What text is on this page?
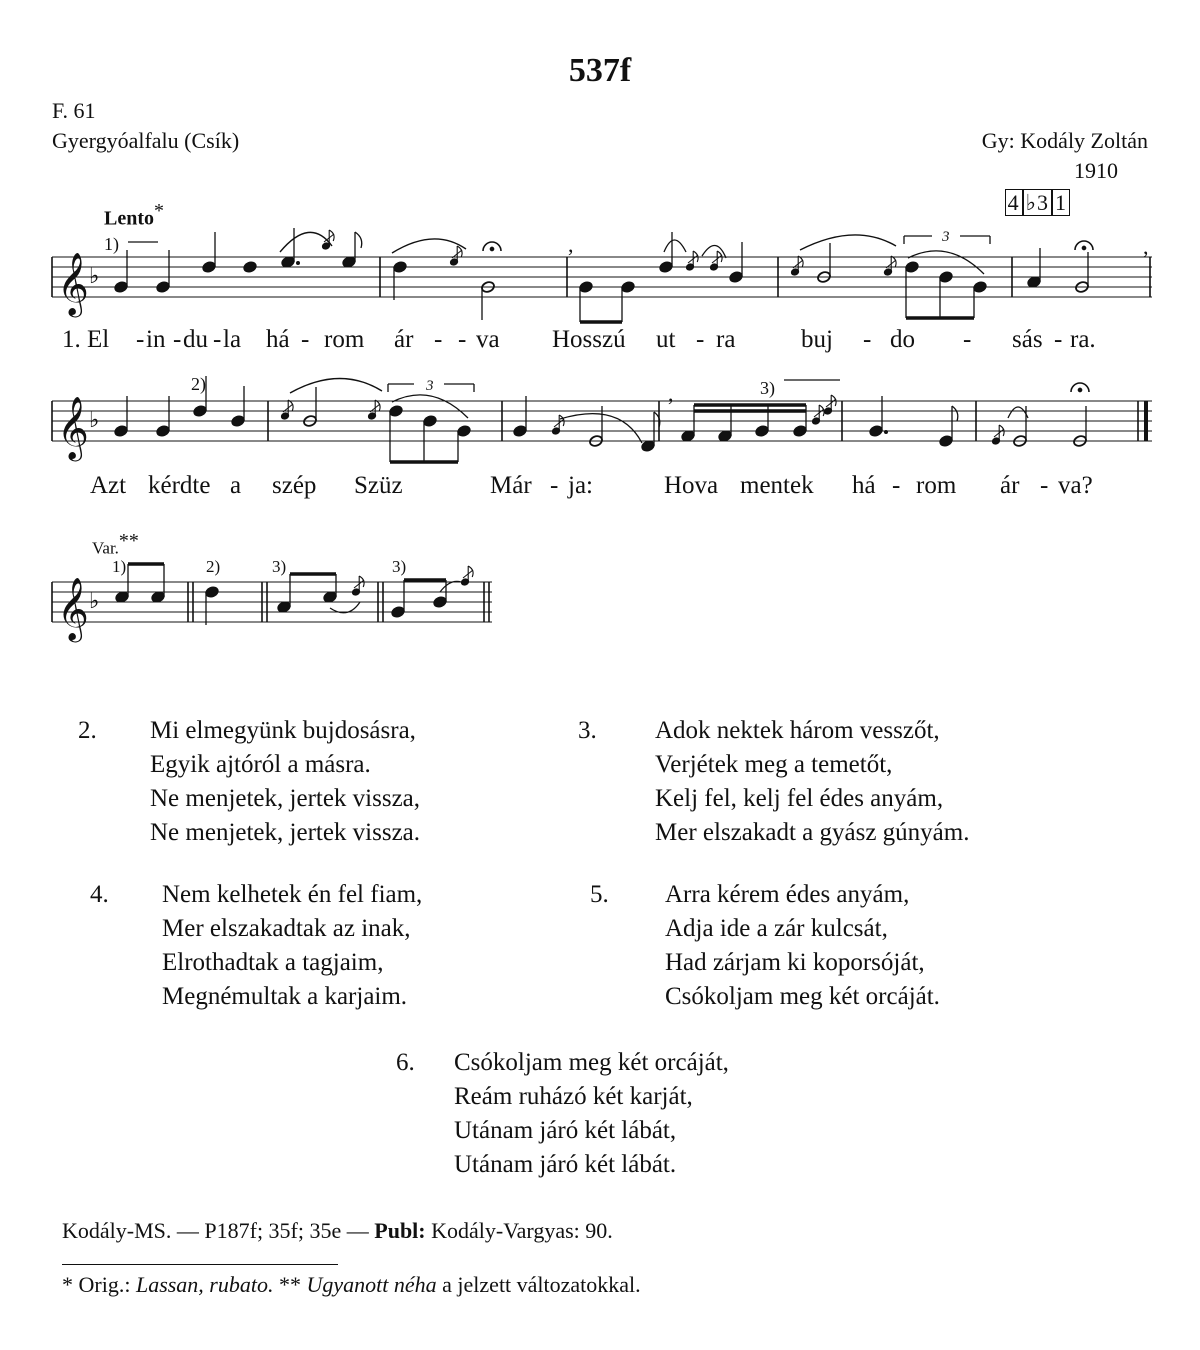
537f
F. 61
Gyergyóalfalu (Csík)	Gy: Kodály Zoltán
1910
4 ♭3 1
Lento*
𝄞 ♭
1)	,	3	,
𝄞 ♭
2)	3)
3	,
𝄞 ♭
1)	2)	3)	3)
Var.**
1. El - in - du - la há - rom ár - - va Hosszú ut - ra	buj - do - sás - ra.
Azt kérdte a szép Szüz	Már - ja:	Hova mentek há - rom ár - va?
2. Mi elmegyünk bujdosásra,
Egyik ajtóról a másra.
Ne menjetek, jertek vissza,
Ne menjetek, jertek vissza.
3. Adok nektek három vesszőt,
Verjétek meg a temetőt,
Kelj fel, kelj fel édes anyám,
Mer elszakadt a gyász gúnyám.
4. Nem kelhetek én fel fiam,
Mer elszakadtak az inak,
Elrothadtak a tagjaim,
Megnémultak a karjaim.
5. Arra kérem édes anyám,
Adja ide a zár kulcsát,
Had zárjam ki koporsóját,
Csókoljam meg két orcáját.
6. Csókoljam meg két orcáját,
Reám ruházó két karját,
Utánam járó két lábát,
Utánam járó két lábát.
Kodály-MS. — P187f; 35f; 35e — Publ: Kodály-Vargyas: 90.
* Orig.: Lassan, rubato. ** Ugyanott néha a jelzett változatokkal.
